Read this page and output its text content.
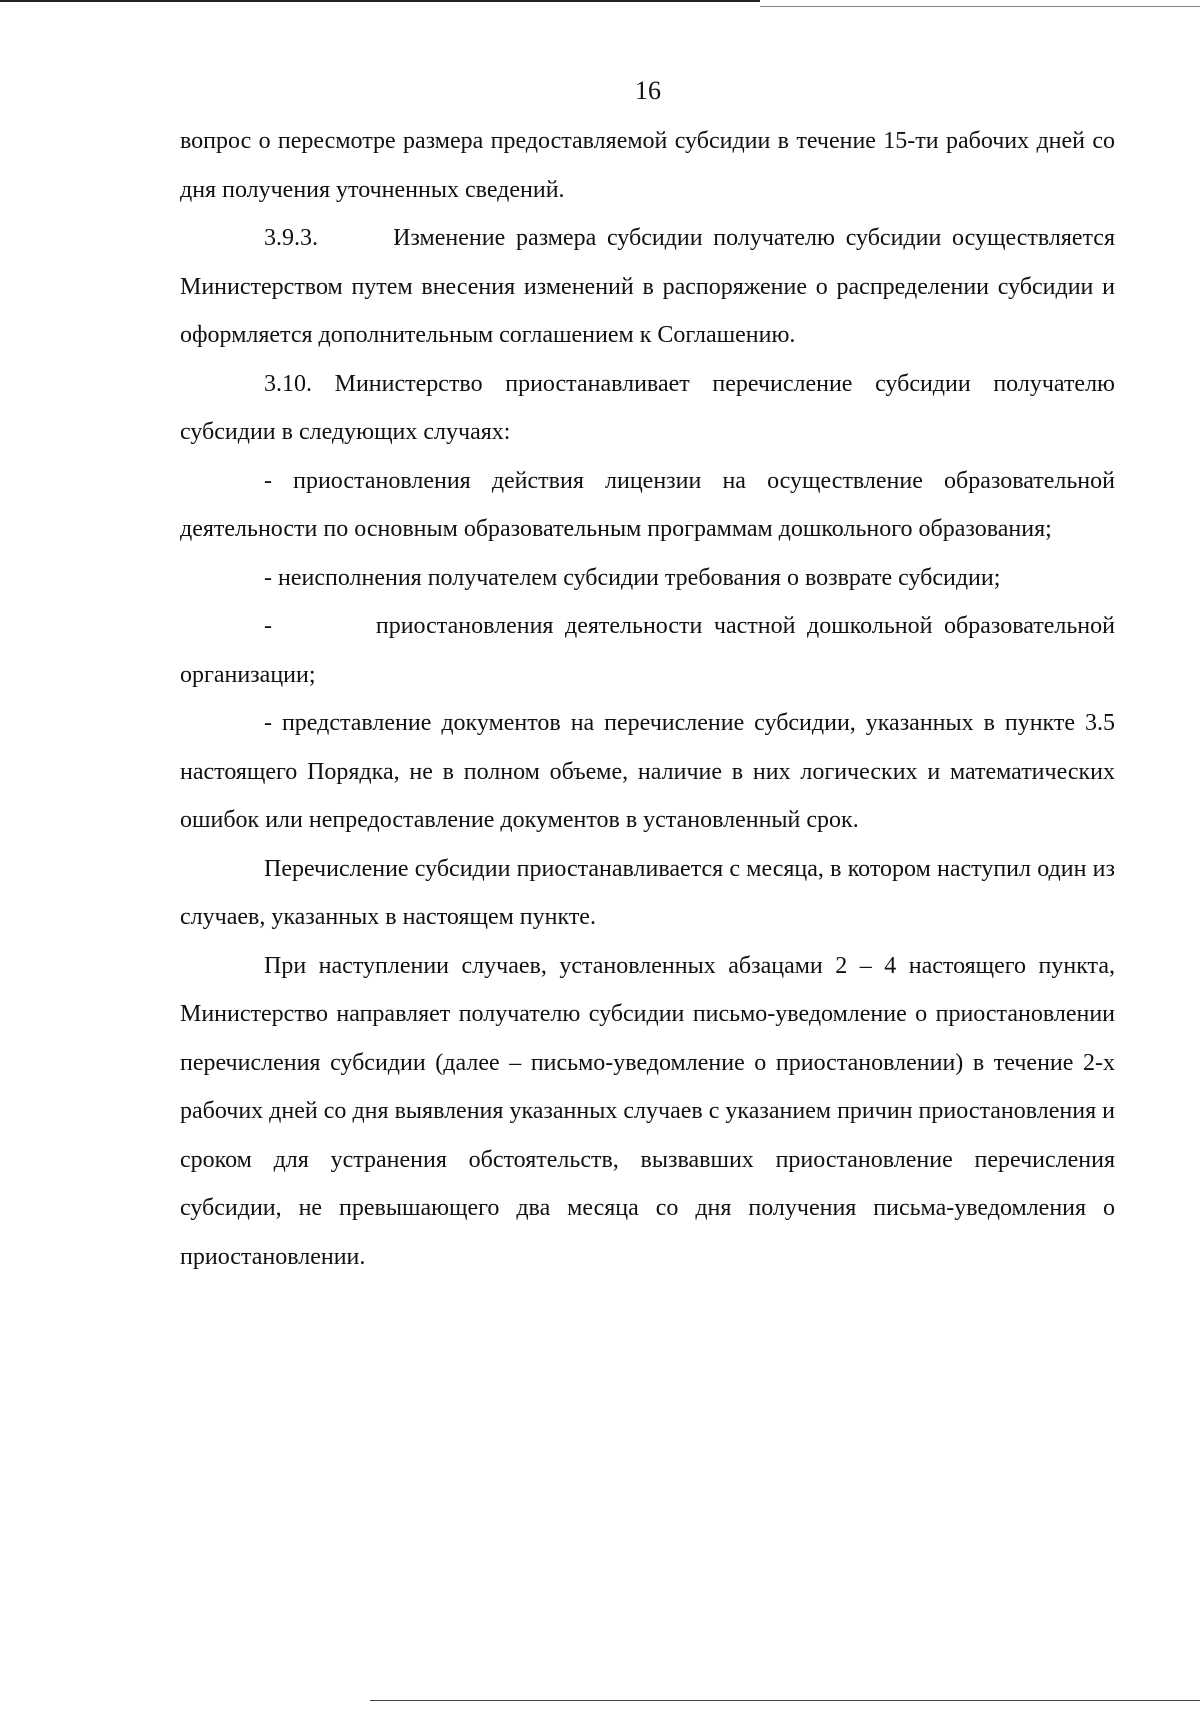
16

вопрос о пересмотре размера предоставляемой субсидии в течение 15-ти рабочих дней со дня получения уточненных сведений.

3.9.3.       Изменение размера субсидии получателю субсидии осуществляется Министерством путем внесения изменений в распоряжение о распределении субсидии и оформляется дополнительным соглашением к Соглашению.

3.10. Министерство приостанавливает перечисление субсидии получателю субсидии в следующих случаях:

- приостановления действия лицензии на осуществление образовательной деятельности по основным образовательным программам дошкольного образования;

- неисполнения получателем субсидии требования о возврате субсидии;

-         приостановления деятельности частной дошкольной образовательной организации;

- представление документов на перечисление субсидии, указанных в пункте 3.5 настоящего Порядка, не в полном объеме, наличие в них логических и математических ошибок или непредоставление документов в установленный срок.

Перечисление субсидии приостанавливается с месяца, в котором наступил один из случаев, указанных в настоящем пункте.

При наступлении случаев, установленных абзацами 2 – 4 настоящего пункта, Министерство направляет получателю субсидии письмо-уведомление о приостановлении перечисления субсидии (далее – письмо-уведомление о приостановлении) в течение 2-х рабочих дней со дня выявления указанных случаев с указанием причин приостановления и сроком для устранения обстоятельств, вызвавших приостановление перечисления субсидии, не превышающего два месяца со дня получения письма-уведомления о приостановлении.
